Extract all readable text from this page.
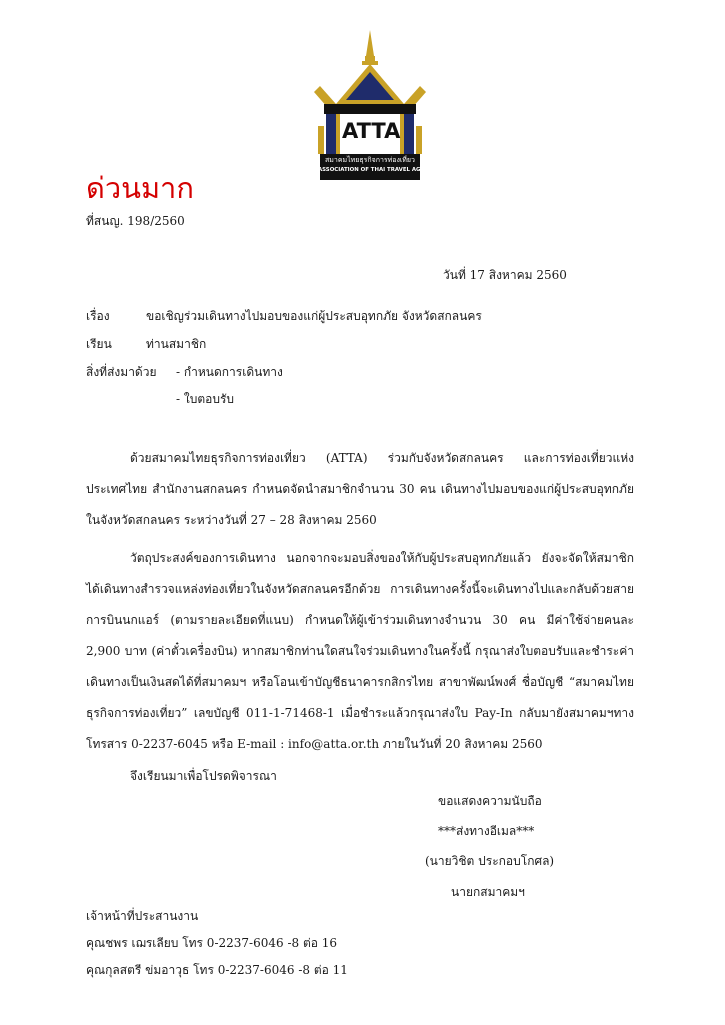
ATTA
สมาคมไทยธุรกิจการท่องเที่ยว
ASSOCIATION OF THAI TRAVEL AGENTS
ด่วนมาก
ที่สนญ. 198/2560
วันที่ 17 สิงหาคม 2560
เรื่อง	ขอเชิญร่วมเดินทางไปมอบของแก่ผู้ประสบอุทกภัย จังหวัดสกลนคร
เรียน	ท่านสมาชิก
สิ่งที่ส่งมาด้วย - กำหนดการเดินทาง
- ใบตอบรับ

ด้วยสมาคมไทยธุรกิจการท่องเที่ยว (ATTA) ร่วมกับจังหวัดสกลนคร และการท่องเที่ยวแห่งประเทศไทย สำนักงานสกลนคร กำหนดจัดนำสมาชิกจำนวน 30 คน เดินทางไปมอบของแก่ผู้ประสบอุทกภัยในจังหวัดสกลนคร ระหว่างวันที่ 27 – 28 สิงหาคม 2560

วัตถุประสงค์ของการเดินทาง นอกจากจะมอบสิ่งของให้กับผู้ประสบอุทกภัยแล้ว ยังจะจัดให้สมาชิกได้เดินทางสำรวจแหล่งท่องเที่ยวในจังหวัดสกลนครอีกด้วย การเดินทางครั้งนี้จะเดินทางไปและกลับด้วยสายการบินนกแอร์ (ตามรายละเอียดที่แนบ) กำหนดให้ผู้เข้าร่วมเดินทางจำนวน 30 คน มีค่าใช้จ่ายคนละ 2,900 บาท (ค่าตั๋วเครื่องบิน) หากสมาชิกท่านใดสนใจร่วมเดินทางในครั้งนี้ กรุณาส่งใบตอบรับและชำระค่าเดินทางเป็นเงินสดได้ที่สมาคมฯ หรือโอนเข้าบัญชีธนาคารกสิกรไทย สาขาพัฒน์พงศ์ ชื่อบัญชี “สมาคมไทยธุรกิจการท่องเที่ยว” เลขบัญชี 011-1-71468-1 เมื่อชำระแล้วกรุณาส่งใบ Pay-In กลับมายังสมาคมฯทางโทรสาร 0-2237-6045 หรือ E-mail : info@atta.or.th ภายในวันที่ 20 สิงหาคม 2560

จึงเรียนมาเพื่อโปรดพิจารณา
ขอแสดงความนับถือ
***ส่งทางอีเมล***
(นายวิชิต ประกอบโกศล)
นายกสมาคมฯ
เจ้าหน้าที่ประสานงาน
คุณชพร เฌรเลียบ โทร 0-2237-6046 -8 ต่อ 16
คุณกุลสตรี ข่มอาวุธ โทร 0-2237-6046 -8 ต่อ 11
